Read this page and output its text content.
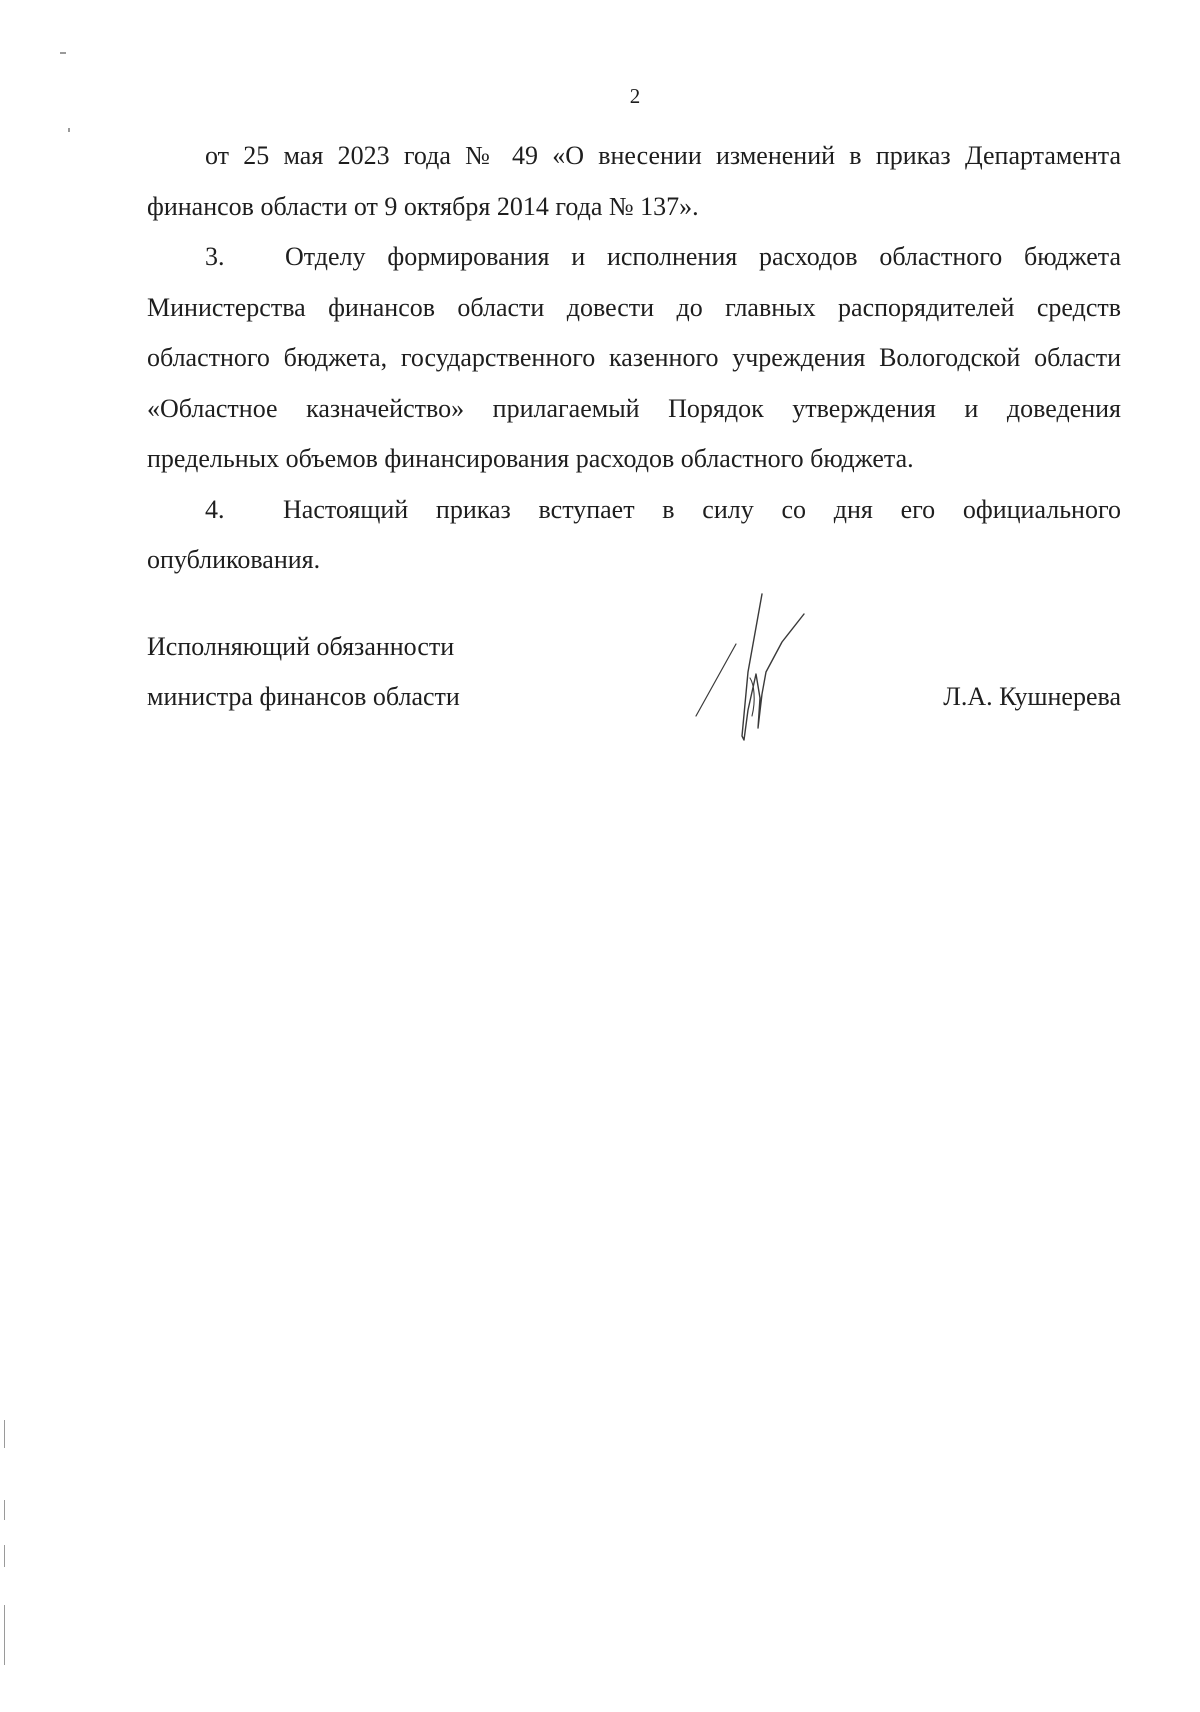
2

от 25 мая 2023 года № 49 «О внесении изменений в приказ Департамента финансов области от 9 октября 2014 года № 137».

3. Отделу формирования и исполнения расходов областного бюджета Министерства финансов области довести до главных распорядителей средств областного бюджета, государственного казенного учреждения Вологодской области «Областное казначейство» прилагаемый Порядок утверждения и доведения предельных объемов финансирования расходов областного бюджета.

4. Настоящий приказ вступает в силу со дня его официального опубликования.

Исполняющий обязанности
министра финансов области	Л.А. Кушнерева
